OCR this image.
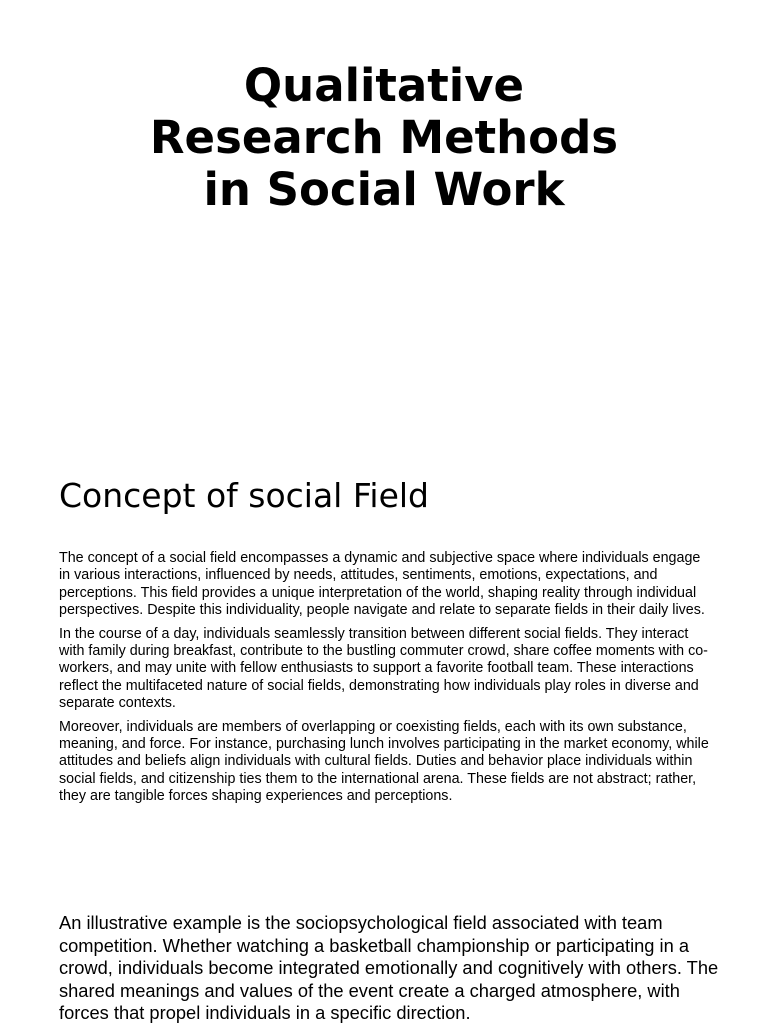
Qualitative
Research Methods
in Social Work
Concept of social Field

The concept of a social field encompasses a dynamic and subjective space where individuals engage in various interactions, influenced by needs, attitudes, sentiments, emotions, expectations, and perceptions. This field provides a unique interpretation of the world, shaping reality through individual perspectives. Despite this individuality, people navigate and relate to separate fields in their daily lives.

In the course of a day, individuals seamlessly transition between different social fields. They interact with family during breakfast, contribute to the bustling commuter crowd, share coffee moments with co-workers, and may unite with fellow enthusiasts to support a favorite football team. These interactions reflect the multifaceted nature of social fields, demonstrating how individuals play roles in diverse and separate contexts.

Moreover, individuals are members of overlapping or coexisting fields, each with its own substance, meaning, and force. For instance, purchasing lunch involves participating in the market economy, while attitudes and beliefs align individuals with cultural fields. Duties and behavior place individuals within social fields, and citizenship ties them to the international arena. These fields are not abstract; rather, they are tangible forces shaping experiences and perceptions.

An illustrative example is the sociopsychological field associated with team competition. Whether watching a basketball championship or participating in a crowd, individuals become integrated emotionally and cognitively with others. The shared meanings and values of the event create a charged atmosphere, with forces that propel individuals in a specific direction.
